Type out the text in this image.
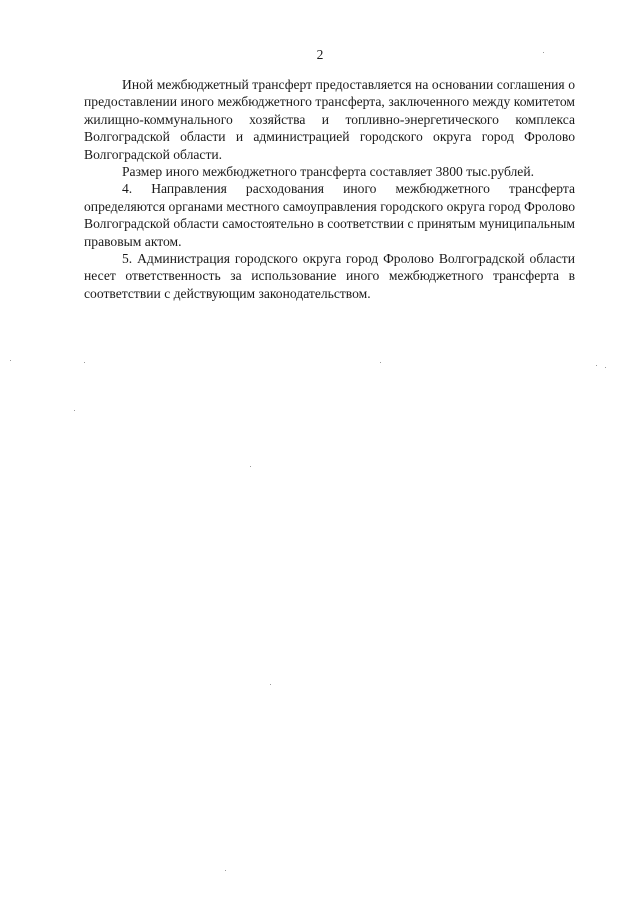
2

Иной межбюджетный трансферт предоставляется на основании соглашения о предоставлении иного межбюджетного трансферта, заключенного между комитетом жилищно-коммунального хозяйства и топливно-энергетического комплекса Волгоградской области и администрацией городского округа город Фролово Волгоградской области.

Размер иного межбюджетного трансферта составляет 3800 тыс.рублей.

4. Направления расходования иного межбюджетного трансферта определяются органами местного самоуправления городского округа город Фролово Волгоградской области самостоятельно в соответствии с принятым муниципальным правовым актом.

5. Администрация городского округа город Фролово Волгоградской области несет ответственность за использование иного межбюджетного трансферта в соответствии с действующим законодательством.
